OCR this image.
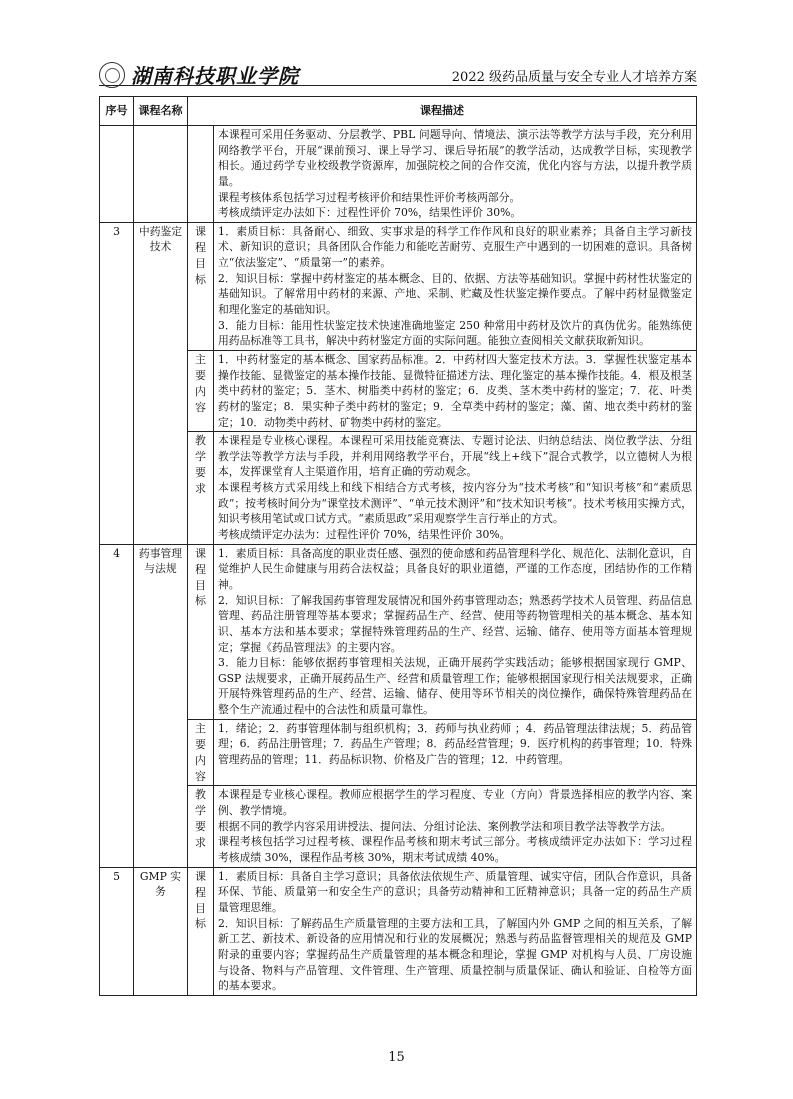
湖南科技职业学院	2022 级药品质量与安全专业人才培养方案
序号	课程名称	课程描述	

			本课程可采用任务驱动、分层教学、PBL 问题导向、情境法、演示法等教学方法与手段，充分利用网络教学平台，开展“课前预习、课上导学习、课后导拓展”的教学活动，达成教学目标，实现教学相长。通过药学专业校级教学资源库，加强院校之间的合作交流，优化内容与方法，以提升教学质量。

课程考核体系包括学习过程考核评价和结果性评价考核两部分。

考核成绩评定办法如下：过程性评价 70%，结果性评价 30%。

3	中药鉴定技术	课程目标	1．素质目标：具备耐心、细致、实事求是的科学工作作风和良好的职业素养；具备自主学习新技术、新知识的意识；具备团队合作能力和能吃苦耐劳、克服生产中遇到的一切困难的意识。具备树立“依法鉴定”、“质量第一”的素养。

2．知识目标：掌握中药材鉴定的基本概念、目的、依据、方法等基础知识。掌握中药材性状鉴定的基础知识。了解常用中药材的来源、产地、采制、贮藏及性状鉴定操作要点。了解中药材显微鉴定和理化鉴定的基础知识。

3．能力目标：能用性状鉴定技术快速准确地鉴定 250 种常用中药材及饮片的真伪优劣。能熟练使用药品标准等工具书，解决中药材鉴定方面的实际问题。能独立查阅相关文献获取新知识。

		主要内容	1．中药材鉴定的基本概念、国家药品标准。2．中药材四大鉴定技术方法。3．掌握性状鉴定基本操作技能、显微鉴定的基本操作技能、显微特征描述方法、理化鉴定的基本操作技能。4．根及根茎类中药材的鉴定；5．茎木、树脂类中药材的鉴定；6．皮类、茎木类中药材的鉴定；7．花、叶类药材的鉴定；8．果实种子类中药材的鉴定；9．全草类中药材的鉴定；藻、菌、地衣类中药材的鉴定；10．动物类中药材、矿物类中药材的鉴定。

		教学要求	本课程是专业核心课程。本课程可采用技能竞赛法、专题讨论法、归纳总结法、岗位教学法、分组教学法等教学方法与手段，并利用网络教学平台，开展“线上+线下”混合式教学，以立德树人为根本，发挥课堂育人主渠道作用，培育正确的劳动观念。

本课程考核方式采用线上和线下相结合方式考核，按内容分为“技术考核”和“知识考核”和“素质思政”；按考核时间分为“课堂技术测评”、“单元技术测评”和“技术知识考核”。技术考核用实操方式，知识考核用笔试或口试方式。“素质思政”采用观察学生言行举止的方式。

考核成绩评定办法为：过程性评价 70%，结果性评价 30%。

4	药事管理与法规	课程目标	1．素质目标：具备高度的职业责任感、强烈的使命感和药品管理科学化、规范化、法制化意识，自觉维护人民生命健康与用药合法权益；具备良好的职业道德，严谨的工作态度，团结协作的工作精神。

2．知识目标：了解我国药事管理发展情况和国外药事管理动态；熟悉药学技术人员管理、药品信息管理、药品注册管理等基本要求；掌握药品生产、经营、使用等药物管理相关的基本概念、基本知识、基本方法和基本要求；掌握特殊管理药品的生产、经营、运输、储存、使用等方面基本管理规定；掌握《药品管理法》的主要内容。

3．能力目标：能够依据药事管理相关法规，正确开展药学实践活动；能够根据国家现行 GMP、GSP 法规要求，正确开展药品生产、经营和质量管理工作；能够根据国家现行相关法规要求，正确开展特殊管理药品的生产、经营、运输、储存、使用等环节相关的岗位操作，确保特殊管理药品在整个生产流通过程中的合法性和质量可靠性。

		主要内容	1．绪论；2．药事管理体制与组织机构；3．药师与执业药师 ；4．药品管理法律法规；5．药品管理；6．药品注册管理；7．药品生产管理；8．药品经营管理；9．医疗机构的药事管理；10．特殊管理药品的管理；11．药品标识物、价格及广告的管理；12．中药管理。

		教学要求	本课程是专业核心课程。教师应根据学生的学习程度、专业（方向）背景选择相应的教学内容、案例、教学情境。

根据不同的教学内容采用讲授法、提问法、分组讨论法、案例教学法和项目教学法等教学方法。

课程考核包括学习过程考核、课程作品考核和期末考试三部分。考核成绩评定办法如下：学习过程考核成绩 30%，课程作品考核 30%，期末考试成绩 40%。

5	GMP 实务	课程目标	1．素质目标：具备自主学习意识；具备依法依规生产、质量管理、诚实守信，团队合作意识，具备环保、节能、质量第一和安全生产的意识；具备劳动精神和工匠精神意识；具备一定的药品生产质量管理思维。

2．知识目标：了解药品生产质量管理的主要方法和工具，了解国内外 GMP 之间的相互关系，了解新工艺、新技术、新设备的应用情况和行业的发展概况；熟悉与药品监督管理相关的规范及 GMP 附录的重要内容；掌握药品生产质量管理的基本概念和理论，掌握 GMP 对机构与人员、厂房设施与设备、物料与产品管理、文件管理、生产管理、质量控制与质量保证、确认和验证、自检等方面的基本要求。

15
